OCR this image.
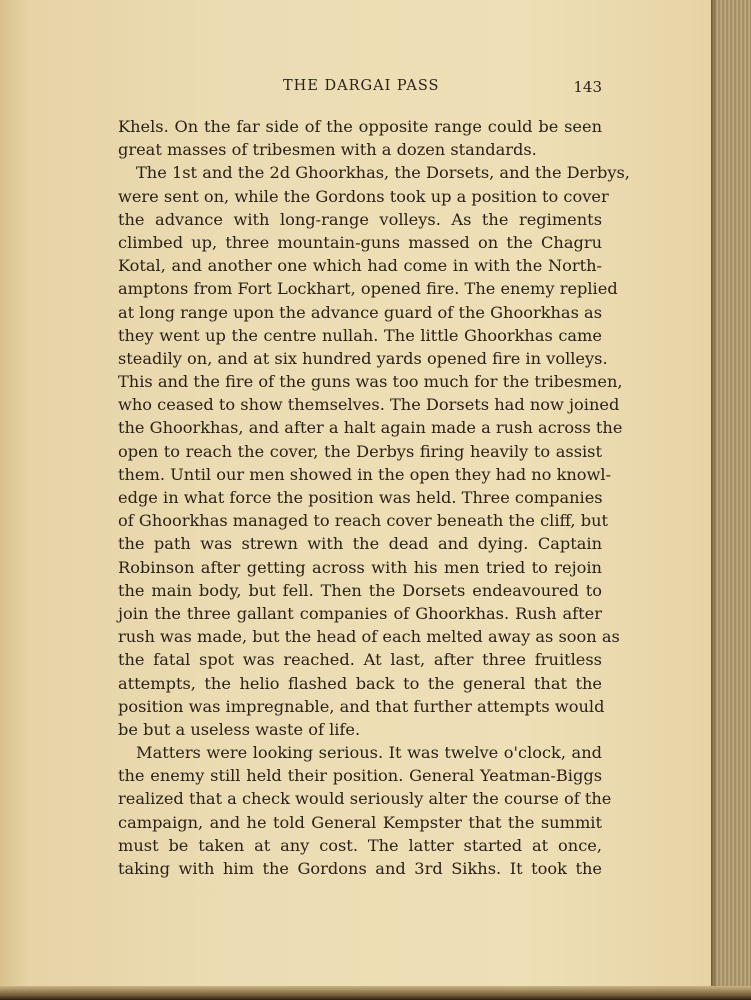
THE DARGAI PASS	143
Khels. On the far side of the opposite range could be seen
great masses of tribesmen with a dozen standards.
The 1st and the 2d Ghoorkhas, the Dorsets, and the Derbys,
were sent on, while the Gordons took up a position to cover
the advance with long-range volleys. As the regiments
climbed up, three mountain-guns massed on the Chagru
Kotal, and another one which had come in with the North-
amptons from Fort Lockhart, opened fire. The enemy replied
at long range upon the advance guard of the Ghoorkhas as
they went up the centre nullah. The little Ghoorkhas came
steadily on, and at six hundred yards opened fire in volleys.
This and the fire of the guns was too much for the tribesmen,
who ceased to show themselves. The Dorsets had now joined
the Ghoorkhas, and after a halt again made a rush across the
open to reach the cover, the Derbys firing heavily to assist
them. Until our men showed in the open they had no knowl-
edge in what force the position was held. Three companies
of Ghoorkhas managed to reach cover beneath the cliff, but
the path was strewn with the dead and dying. Captain
Robinson after getting across with his men tried to rejoin
the main body, but fell. Then the Dorsets endeavoured to
join the three gallant companies of Ghoorkhas. Rush after
rush was made, but the head of each melted away as soon as
the fatal spot was reached. At last, after three fruitless
attempts, the helio flashed back to the general that the
position was impregnable, and that further attempts would
be but a useless waste of life.
Matters were looking serious. It was twelve o'clock, and
the enemy still held their position. General Yeatman-Biggs
realized that a check would seriously alter the course of the
campaign, and he told General Kempster that the summit
must be taken at any cost. The latter started at once,
taking with him the Gordons and 3rd Sikhs. It took the
